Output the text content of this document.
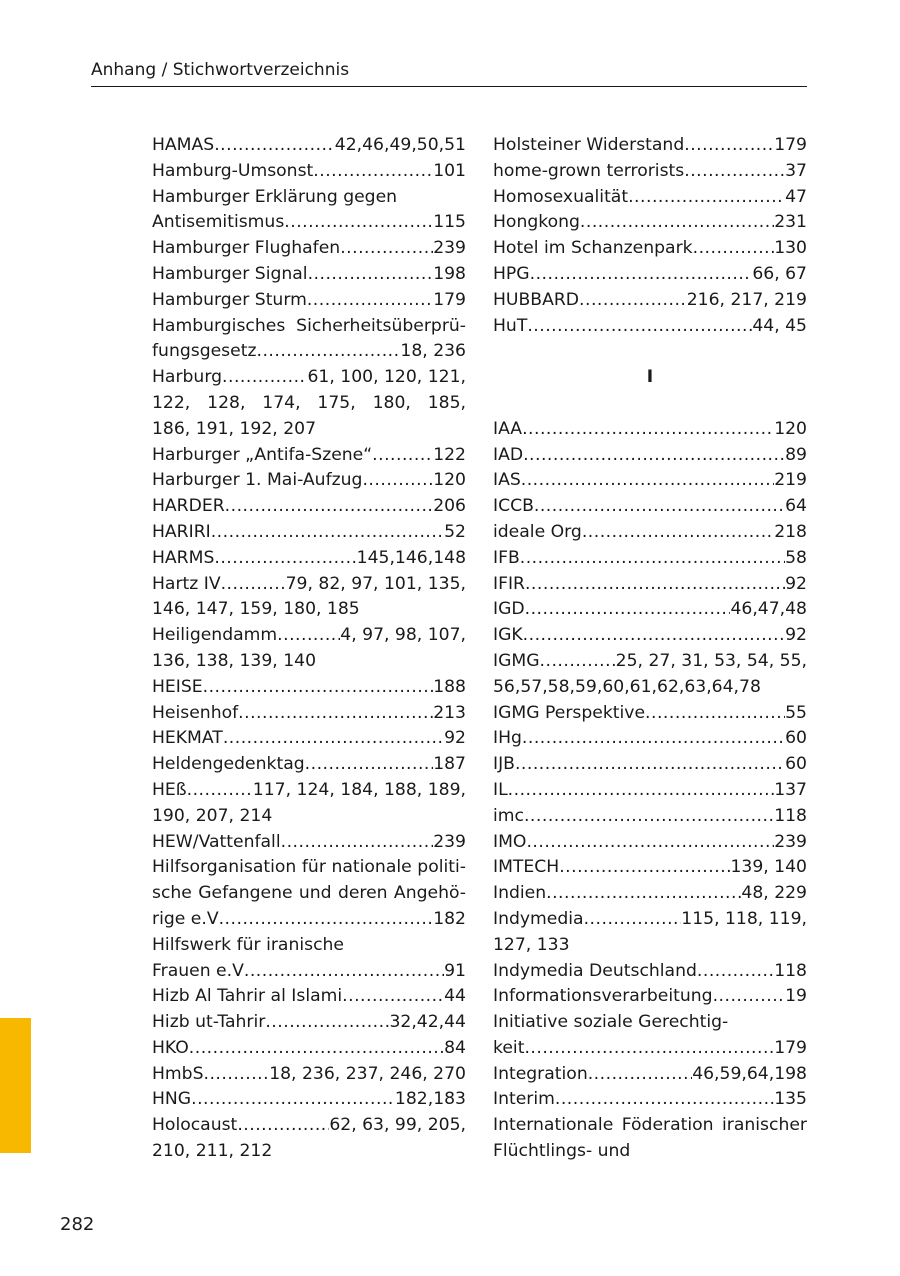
Anhang / Stichwortverzeichnis
HAMAS .....	42,46,49,50,51
Hamburg-Umsonst .....	101
Hamburger Erklärung gegen
Antisemitismus .....	115
Hamburger Flughafen .....	239
Hamburger Signal .....	198
Hamburger Sturm .....	179
Hamburgisches Sicherheitsüberprü-
fungsgesetz .....	18, 236
Harburg .....	61, 100, 120, 121,
122, 128, 174, 175, 180, 185,
186, 191, 192, 207
Harburger „Antifa-Szene“ .....	122
Harburger 1. Mai-Aufzug .....	120
HARDER .....	206
HARIRI .....	52
HARMS .....	145,146,148
Hartz IV .....	79, 82, 97, 101, 135,
146, 147, 159, 180, 185
Heiligendamm .....	4, 97, 98, 107,
136, 138, 139, 140
HEISE .....	188
Heisenhof .....	213
HEKMAT .....	92
Heldengedenktag .....	187
HEß .....	117, 124, 184, 188, 189,
190, 207, 214
HEW/Vattenfall .....	239
Hilfsorganisation für nationale politi-
sche Gefangene und deren Angehö-
rige e.V .....	182
Hilfswerk für iranische
Frauen e.V .....	91
Hizb Al Tahrir al Islami .....	44
Hizb ut-Tahrir .....	32,42,44
HKO .....	84
HmbS .....	18, 236, 237, 246, 270
HNG .....	182,183
Holocaust .....	62, 63, 99, 205,
210, 211, 212
Holsteiner Widerstand .....	179
home-grown terrorists .....	37
Homosexualität .....	47
Hongkong .....	231
Hotel im Schanzenpark .....	130
HPG .....	66, 67
HUBBARD .....	216, 217, 219
HuT .....	44, 45
I
IAA .....	120
IAD .....	89
IAS .....	219
ICCB .....	64
ideale Org .....	218
IFB .....	58
IFIR .....	92
IGD .....	46,47,48
IGK .....	92
IGMG .....	25, 27, 31, 53, 54, 55,
56,57,58,59,60,61,62,63,64,78
IGMG Perspektive .....	55
IHg .....	60
IJB .....	60
IL .....	137
imc .....	118
IMO .....	239
IMTECH .....	139, 140
Indien .....	48, 229
Indymedia .....	115, 118, 119,
127, 133
Indymedia Deutschland .....	118
Informationsverarbeitung .....	19
Initiative soziale Gerechtig-
keit .....	179
Integration .....	46,59,64,198
Interim .....	135
Internationale Föderation iranischer
Flüchtlings- und
282
